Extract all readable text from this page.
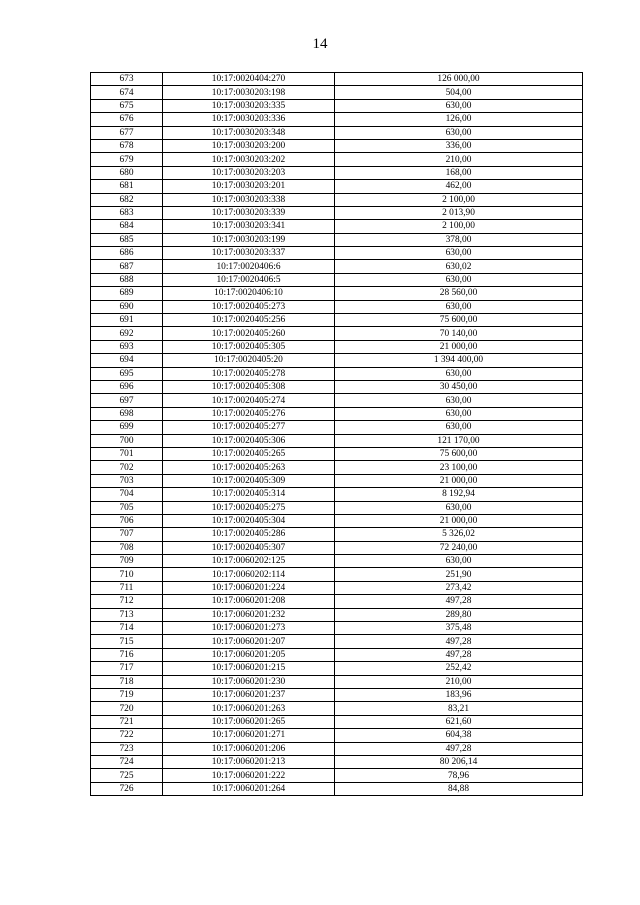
14
673	10:17:0020404:270	126 000,00
674	10:17:0030203:198	504,00
675	10:17:0030203:335	630,00
676	10:17:0030203:336	126,00
677	10:17:0030203:348	630,00
678	10:17:0030203:200	336,00
679	10:17:0030203:202	210,00
680	10:17:0030203:203	168,00
681	10:17:0030203:201	462,00
682	10:17:0030203:338	2 100,00
683	10:17:0030203:339	2 013,90
684	10:17:0030203:341	2 100,00
685	10:17:0030203:199	378,00
686	10:17:0030203:337	630,00
687	10:17:0020406:6	630,02
688	10:17:0020406:5	630,00
689	10:17:0020406:10	28 560,00
690	10:17:0020405:273	630,00
691	10:17:0020405:256	75 600,00
692	10:17:0020405:260	70 140,00
693	10:17:0020405:305	21 000,00
694	10:17:0020405:20	1 394 400,00
695	10:17:0020405:278	630,00
696	10:17:0020405:308	30 450,00
697	10:17:0020405:274	630,00
698	10:17:0020405:276	630,00
699	10:17:0020405:277	630,00
700	10:17:0020405:306	121 170,00
701	10:17:0020405:265	75 600,00
702	10:17:0020405:263	23 100,00
703	10:17:0020405:309	21 000,00
704	10:17:0020405:314	8 192,94
705	10:17:0020405:275	630,00
706	10:17:0020405:304	21 000,00
707	10:17:0020405:286	5 326,02
708	10:17:0020405:307	72 240,00
709	10:17:0060202:125	630,00
710	10:17:0060202:114	251,90
711	10:17:0060201:224	273,42
712	10:17:0060201:208	497,28
713	10:17:0060201:232	289,80
714	10:17:0060201:273	375,48
715	10:17:0060201:207	497,28
716	10:17:0060201:205	497,28
717	10:17:0060201:215	252,42
718	10:17:0060201:230	210,00
719	10:17:0060201:237	183,96
720	10:17:0060201:263	83,21
721	10:17:0060201:265	621,60
722	10:17:0060201:271	604,38
723	10:17:0060201:206	497,28
724	10:17:0060201:213	80 206,14
725	10:17:0060201:222	78,96
726	10:17:0060201:264	84,88
